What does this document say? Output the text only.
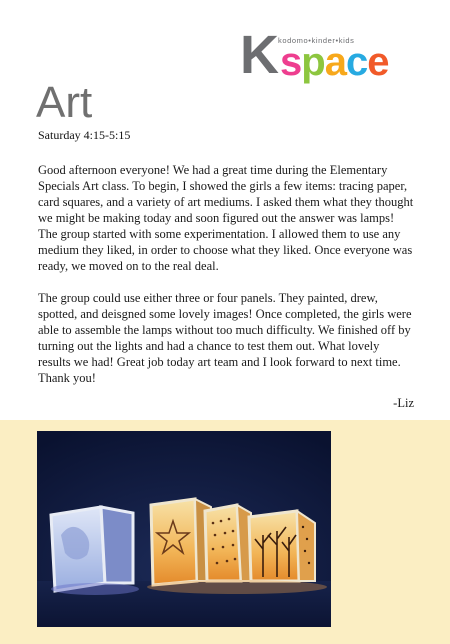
kodomo•kinder•kids
K space
Art
Saturday 4:15-5:15

Good afternoon everyone! We had a great time during the Elementary Specials Art class. To begin, I showed the girls a few items: tracing paper, card squares, and a variety of art mediums. I asked them what they thought we might be making today and soon figured out the answer was lamps! The group started with some experimentation. I allowed them to use any medium they liked, in order to choose what they liked. Once everyone was ready, we moved on to the real deal.

The group could use either three or four panels. They painted, drew, spotted, and deisgned some lovely images! Once completed, the girls were able to assemble the lamps without too much difficulty. We finished off by turning out the lights and had a chance to test them out. What lovely results we had! Great job today art team and I look forward to next time. Thank you!

-Liz
